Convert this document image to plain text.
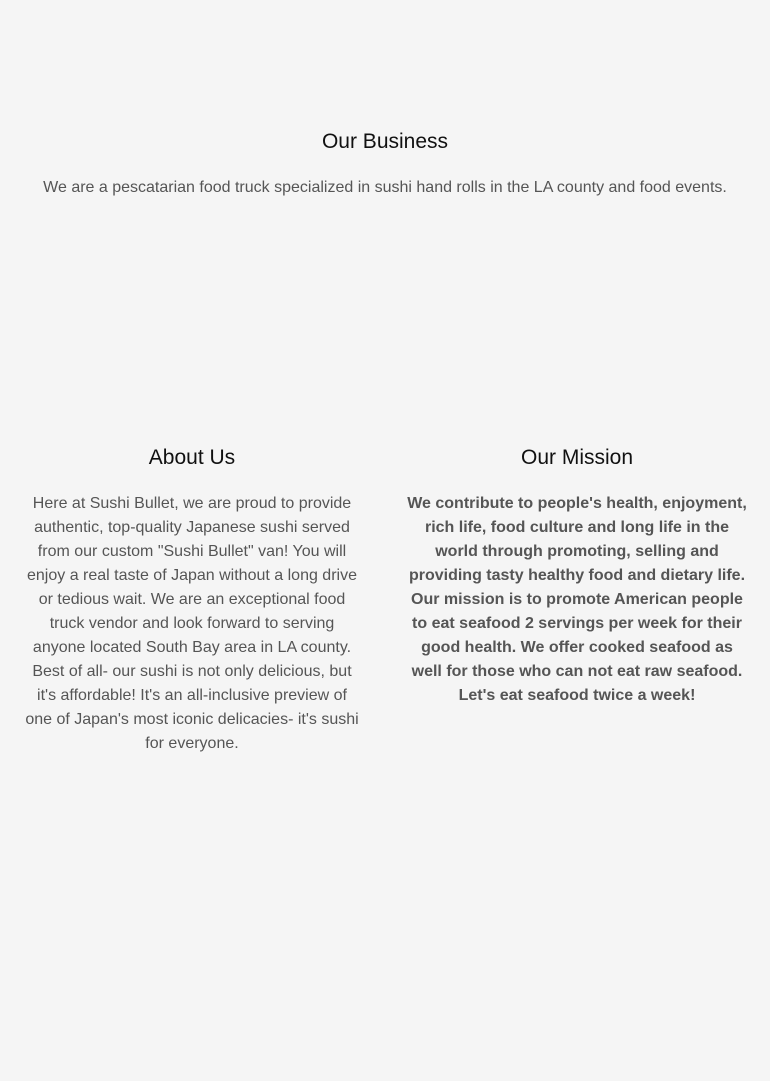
Our Business

We are a pescatarian food truck specialized in sushi hand rolls in the LA county and food events.

About Us

Here at Sushi Bullet, we are proud to provide authentic, top-quality Japanese sushi served from our custom "Sushi Bullet" van! You will enjoy a real taste of Japan without a long drive or tedious wait. We are an exceptional food truck vendor and look forward to serving anyone located South Bay area in LA county. Best of all- our sushi is not only delicious, but it's affordable! It's an all-inclusive preview of one of Japan's most iconic delicacies- it's sushi for everyone.

Our Mission

We contribute to people's health, enjoyment, rich life, food culture and long life in the world through promoting, selling and providing tasty healthy food and dietary life.

Our mission is to promote American people to eat seafood 2 servings per week for their good health. We offer cooked seafood as well for those who can not eat raw seafood. Let's eat seafood twice a week!
